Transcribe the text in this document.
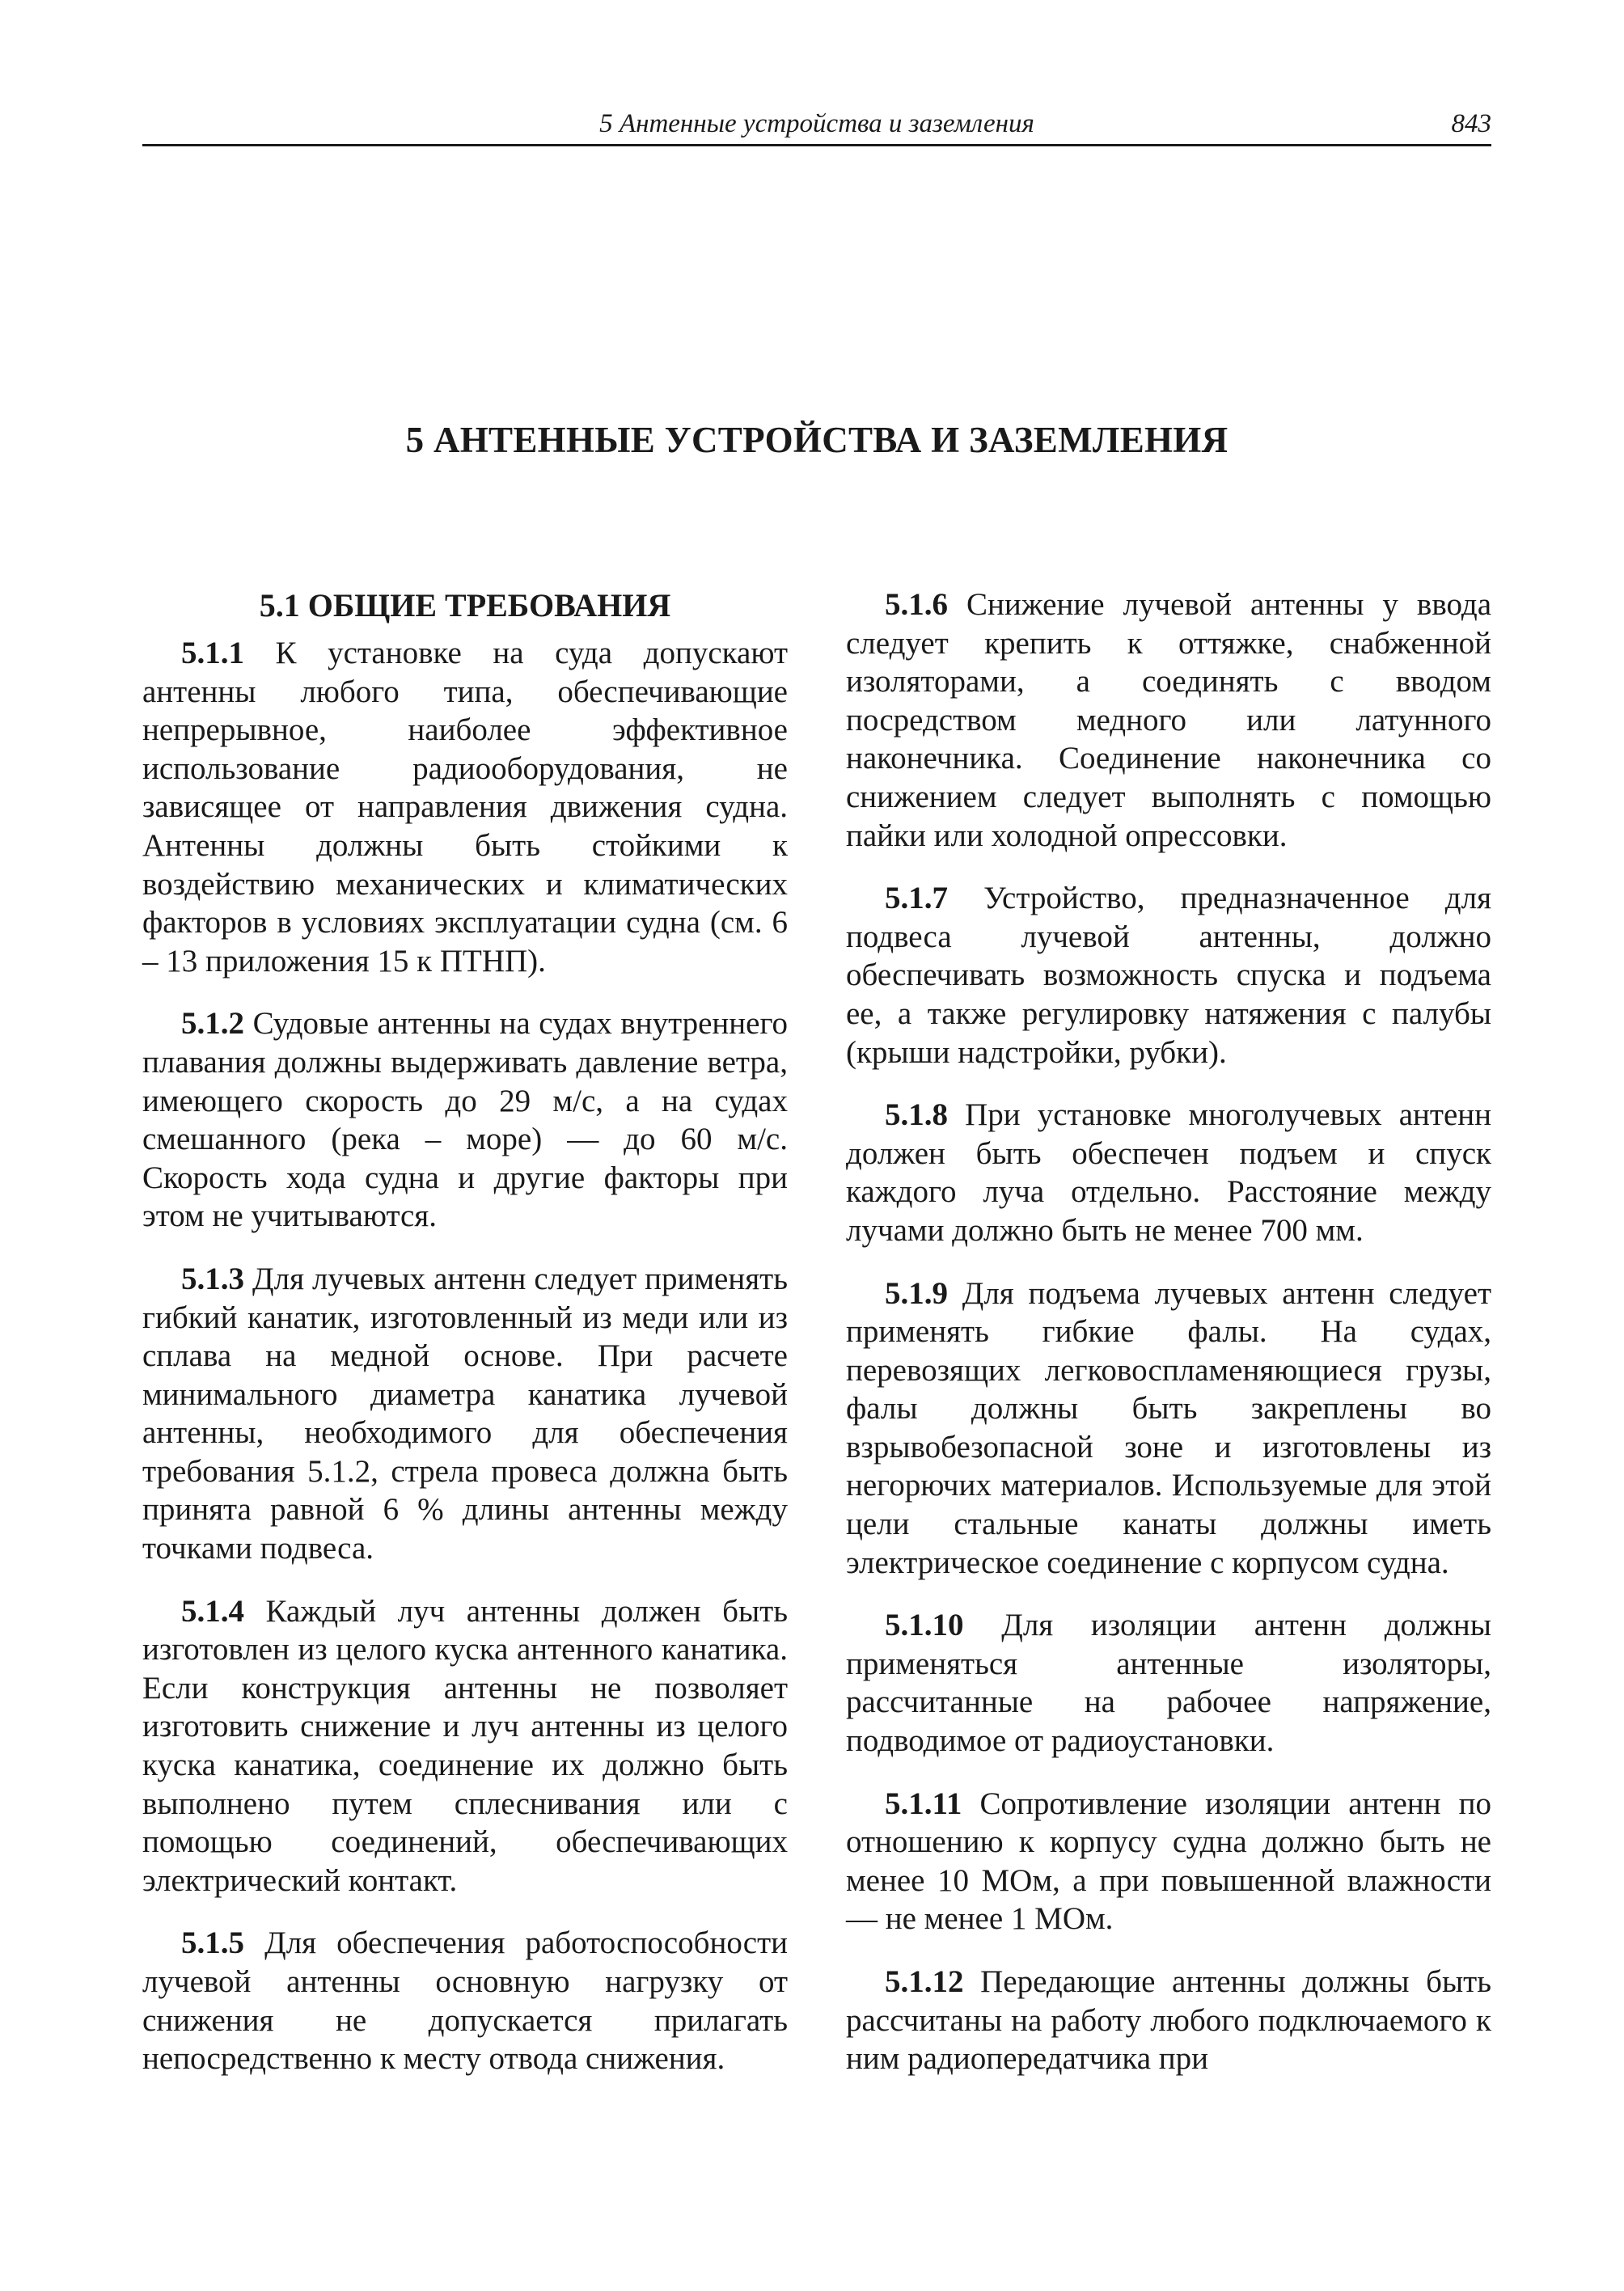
5 Антенные устройства и заземления	843
5 АНТЕННЫЕ УСТРОЙСТВА И ЗАЗЕМЛЕНИЯ
5.1 ОБЩИЕ ТРЕБОВАНИЯ

5.1.1 К установке на суда допускают антенны любого типа, обеспечивающие непрерывное, наиболее эффективное использование радиооборудования, не зависящее от направления движения судна. Антенны должны быть стойкими к воздействию механических и климатических факторов в условиях эксплуатации судна (см. 6 – 13 приложения 15 к ПТНП).

5.1.2 Судовые антенны на судах внутреннего плавания должны выдерживать давление ветра, имеющего скорость до 29 м/с, а на судах смешанного (река – море) — до 60 м/с. Скорость хода судна и другие факторы при этом не учитываются.

5.1.3 Для лучевых антенн следует применять гибкий канатик, изготовленный из меди или из сплава на медной основе. При расчете минимального диаметра канатика лучевой антенны, необходимого для обеспечения требования 5.1.2, стрела провеса должна быть принята равной 6 % длины антенны между точками подвеса.

5.1.4 Каждый луч антенны должен быть изготовлен из целого куска антенного канатика. Если конструкция антенны не позволяет изготовить снижение и луч антенны из целого куска канатика, соединение их должно быть выполнено путем сплеснивания или с помощью соединений, обеспечивающих электрический контакт.

5.1.5 Для обеспечения работоспособности лучевой антенны основную нагрузку от снижения не допускается прилагать непосредственно к месту отвода снижения.

5.1.6 Снижение лучевой антенны у ввода следует крепить к оттяжке, снабженной изоляторами, а соединять с вводом посредством медного или латунного наконечника. Соединение наконечника со снижением следует выполнять с помощью пайки или холодной опрессовки.

5.1.7 Устройство, предназначенное для подвеса лучевой антенны, должно обеспечивать возможность спуска и подъема ее, а также регулировку натяжения с палубы (крыши надстройки, рубки).

5.1.8 При установке многолучевых антенн должен быть обеспечен подъем и спуск каждого луча отдельно. Расстояние между лучами должно быть не менее 700 мм.

5.1.9 Для подъема лучевых антенн следует применять гибкие фалы. На судах, перевозящих легковоспламеняющиеся грузы, фалы должны быть закреплены во взрывобезопасной зоне и изготовлены из негорючих материалов. Используемые для этой цели стальные канаты должны иметь электрическое соединение с корпусом судна.

5.1.10 Для изоляции антенн должны применяться антенные изоляторы, рассчитанные на рабочее напряжение, подводимое от радиоустановки.

5.1.11 Сопротивление изоляции антенн по отношению к корпусу судна должно быть не менее 10 МОм, а при повышенной влажности — не менее 1 МОм.

5.1.12 Передающие антенны должны быть рассчитаны на работу любого подключаемого к ним радиопередатчика при
